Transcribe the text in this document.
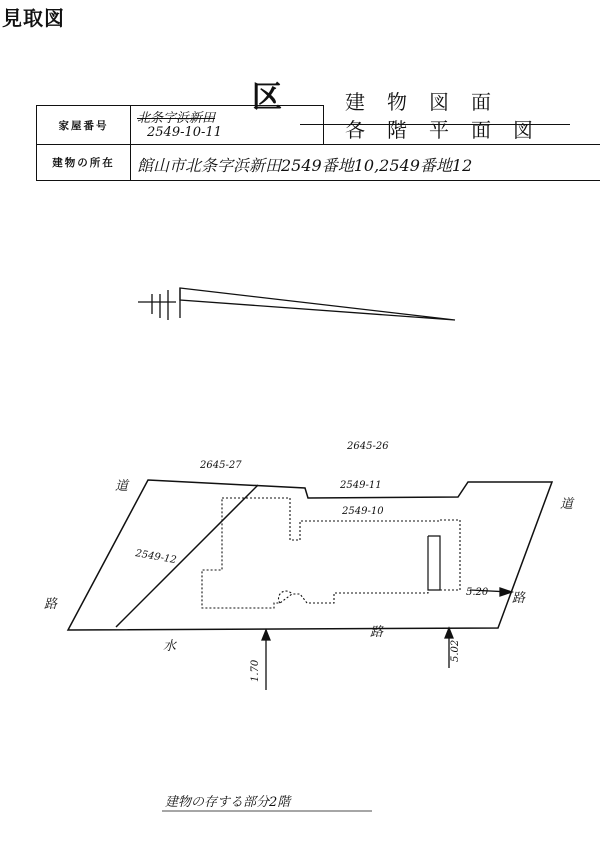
見取図
区	建物図面
各階平面図
家屋番号	北条字浜新田
2549-10-11
建物の所在	館山市北条字浜新田2549番地10,2549番地12
2645-27
2645-26
2549-11
2549-10
2549-12
道
路
道
路
水
路
5.20
1.70
5.02
建物の存する部分2階
